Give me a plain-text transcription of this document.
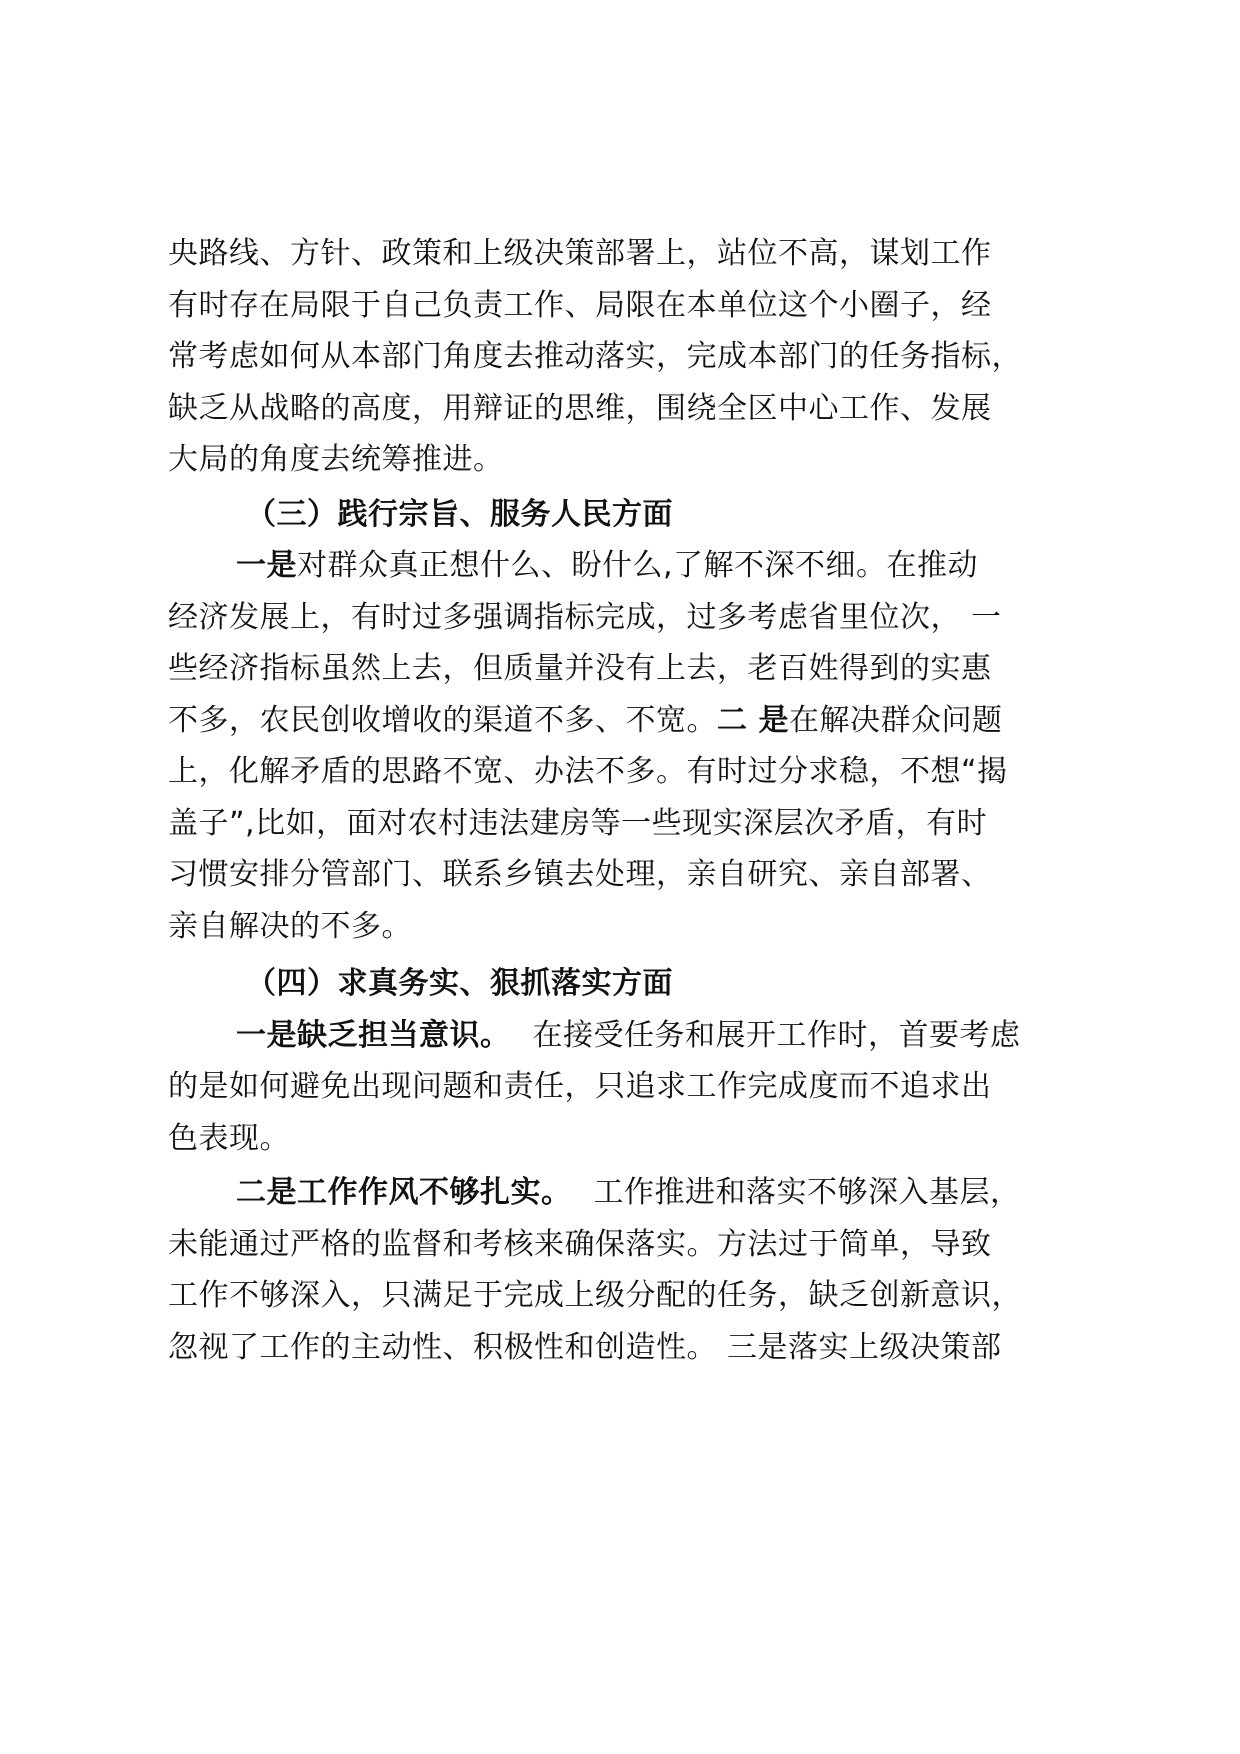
央路线、方针、政策和上级决策部署上，站位不高，谋划工作
有时存在局限于自己负责工作、局限在本单位这个小圈子，经
常考虑如何从本部门角度去推动落实，完成本部门的任务指标，
缺乏从战略的高度，用辩证的思维，围绕全区中心工作、发展
大局的角度去统筹推进。
（三）践行宗旨、服务人民方面
一是对群众真正想什么、盼什么,了解不深不细。在推动
经济发展上，有时过多强调指标完成，过多考虑省里位次， 一
些经济指标虽然上去，但质量并没有上去，老百姓得到的实惠
不多，农民创收增收的渠道不多、不宽。二 是在解决群众问题
上，化解矛盾的思路不宽、办法不多。有时过分求稳，不想“揭
盖子”,比如，面对农村违法建房等一些现实深层次矛盾，有时
习惯安排分管部门、联系乡镇去处理，亲自研究、亲自部署、
亲自解决的不多。
（四）求真务实、狠抓落实方面
一是缺乏担当意识。 在接受任务和展开工作时，首要考虑
的是如何避免出现问题和责任，只追求工作完成度而不追求出
色表现。
二是工作作风不够扎实。 工作推进和落实不够深入基层，
未能通过严格的监督和考核来确保落实。方法过于简单，导致
工作不够深入，只满足于完成上级分配的任务，缺乏创新意识，
忽视了工作的主动性、积极性和创造性。 三是落实上级决策部
